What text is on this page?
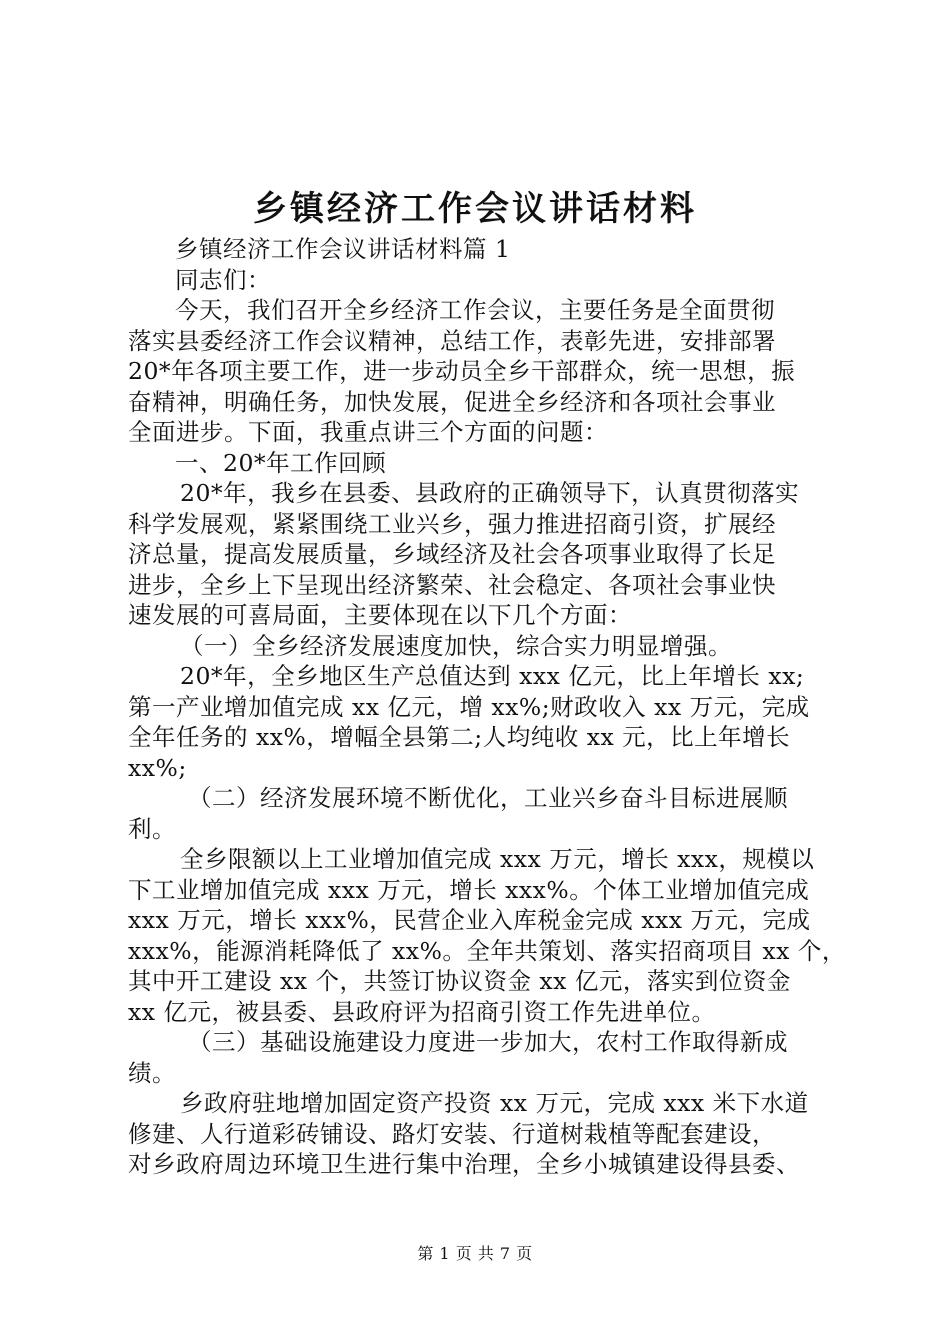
乡镇经济工作会议讲话材料
乡镇经济工作会议讲话材料篇 1
同志们：
今天，我们召开全乡经济工作会议，主要任务是全面贯彻
落实县委经济工作会议精神，总结工作，表彰先进，安排部署
20*年各项主要工作，进一步动员全乡干部群众，统一思想，振
奋精神，明确任务，加快发展，促进全乡经济和各项社会事业
全面进步。下面，我重点讲三个方面的问题：
一、20*年工作回顾
20*年，我乡在县委、县政府的正确领导下，认真贯彻落实
科学发展观，紧紧围绕工业兴乡，强力推进招商引资，扩展经
济总量，提高发展质量，乡域经济及社会各项事业取得了长足
进步，全乡上下呈现出经济繁荣、社会稳定、各项社会事业快
速发展的可喜局面，主要体现在以下几个方面：
（一）全乡经济发展速度加快，综合实力明显增强。
20*年，全乡地区生产总值达到 xxx 亿元，比上年增长 xx;
第一产业增加值完成 xx 亿元，增 xx%;财政收入 xx 万元，完成
全年任务的 xx%，增幅全县第二;人均纯收 xx 元，比上年增长
xx%;
（二）经济发展环境不断优化，工业兴乡奋斗目标进展顺
利。
全乡限额以上工业增加值完成 xxx 万元，增长 xxx，规模以
下工业增加值完成 xxx 万元，增长 xxx%。个体工业增加值完成
xxx 万元，增长 xxx%，民营企业入库税金完成 xxx 万元，完成
xxx%，能源消耗降低了 xx%。全年共策划、落实招商项目 xx 个，
其中开工建设 xx 个，共签订协议资金 xx 亿元，落实到位资金
xx 亿元，被县委、县政府评为招商引资工作先进单位。
（三）基础设施建设力度进一步加大，农村工作取得新成
绩。
乡政府驻地增加固定资产投资 xx 万元，完成 xxx 米下水道
修建、人行道彩砖铺设、路灯安装、行道树栽植等配套建设，
对乡政府周边环境卫生进行集中治理，全乡小城镇建设得县委、
第 1 页 共 7 页
